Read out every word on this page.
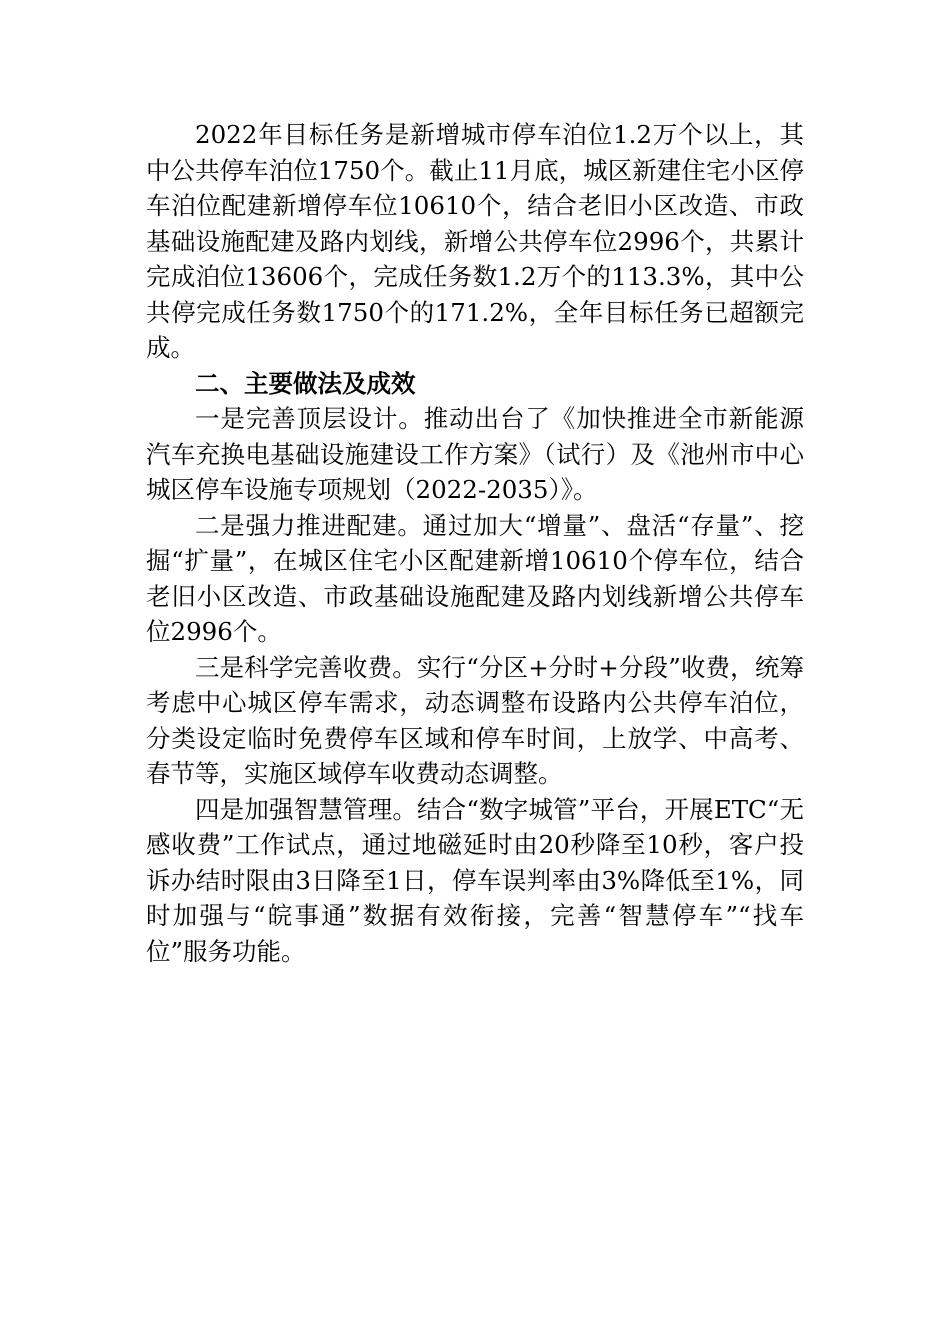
2022年目标任务是新增城市停车泊位1.2万个以上，其中公共停车泊位1750个。截止11月底，城区新建住宅小区停车泊位配建新增停车位10610个，结合老旧小区改造、市政基础设施配建及路内划线，新增公共停车位2996个，共累计完成泊位13606个，完成任务数1.2万个的113.3%，其中公共停完成任务数1750个的171.2%，全年目标任务已超额完成。

二、主要做法及成效

一是完善顶层设计。推动出台了《加快推进全市新能源汽车充换电基础设施建设工作方案》（试行）及《池州市中心城区停车设施专项规划（2022-2035）》。

二是强力推进配建。通过加大“增量”、盘活“存量”、挖掘“扩量”，在城区住宅小区配建新增10610个停车位，结合老旧小区改造、市政基础设施配建及路内划线新增公共停车位2996个。

三是科学完善收费。实行“分区+分时+分段”收费，统筹考虑中心城区停车需求，动态调整布设路内公共停车泊位，分类设定临时免费停车区域和停车时间，上放学、中高考、春节等，实施区域停车收费动态调整。

四是加强智慧管理。结合“数字城管”平台，开展ETC“无感收费”工作试点，通过地磁延时由20秒降至10秒，客户投诉办结时限由3日降至1日，停车误判率由3%降低至1%，同时加强与“皖事通”数据有效衔接，完善“智慧停车”“找车位”服务功能。
